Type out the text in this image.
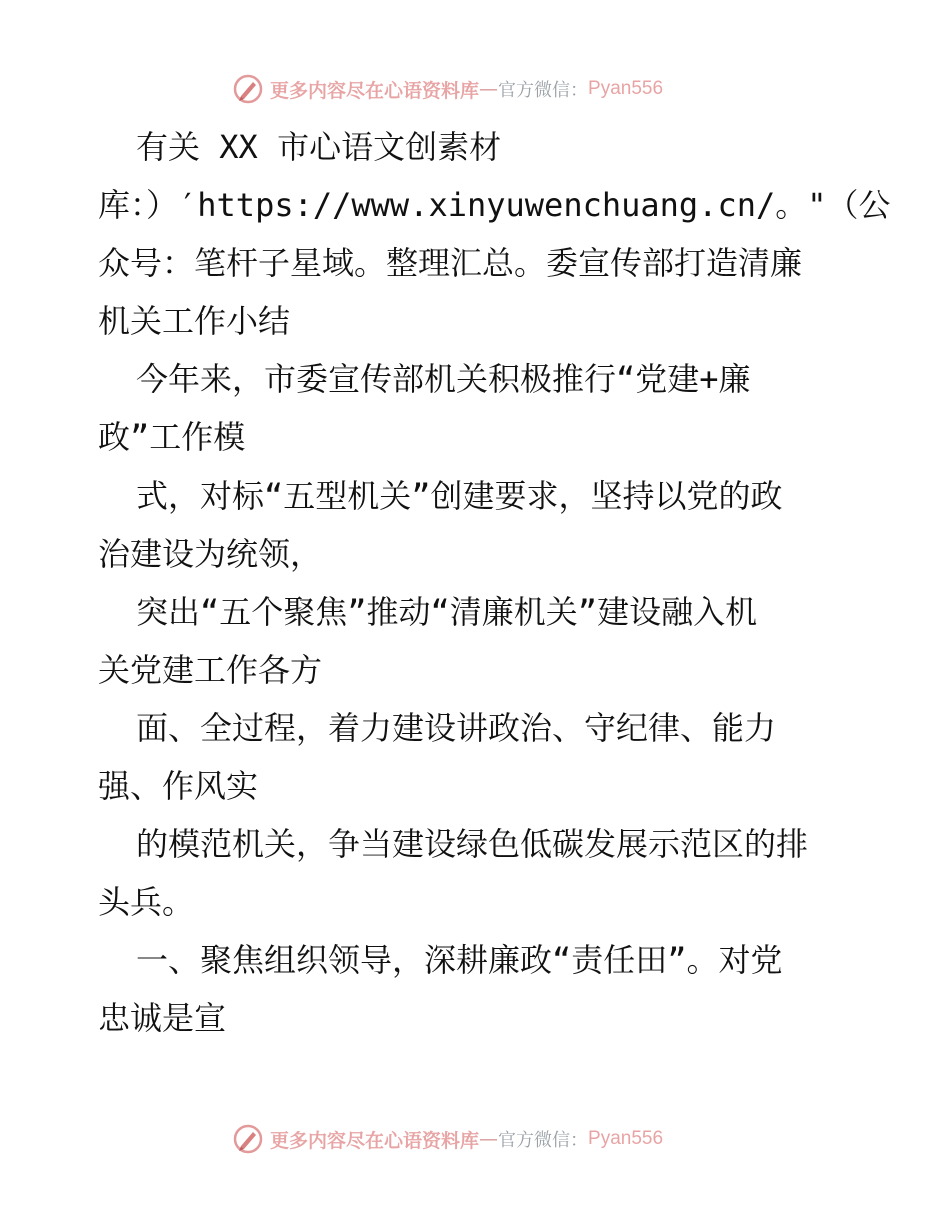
更多内容尽在心语资料库 — 官方微信： Pyan556
有关 XX 市心语文创素材
库：）′https://www.xinyuwenchuang.cn/。"（公
众号：笔杆子星域。整理汇总。委宣传部打造清廉
机关工作小结
今年来，市委宣传部机关积极推行“党建+廉
政”工作模
式，对标“五型机关”创建要求，坚持以党的政
治建设为统领，
突出“五个聚焦”推动“清廉机关”建设融入机
关党建工作各方
面、全过程，着力建设讲政治、守纪律、能力
强、作风实
的模范机关，争当建设绿色低碳发展示范区的排
头兵。
一、聚焦组织领导，深耕廉政“责任田”。对党
忠诚是宣
更多内容尽在心语资料库 — 官方微信： Pyan556
